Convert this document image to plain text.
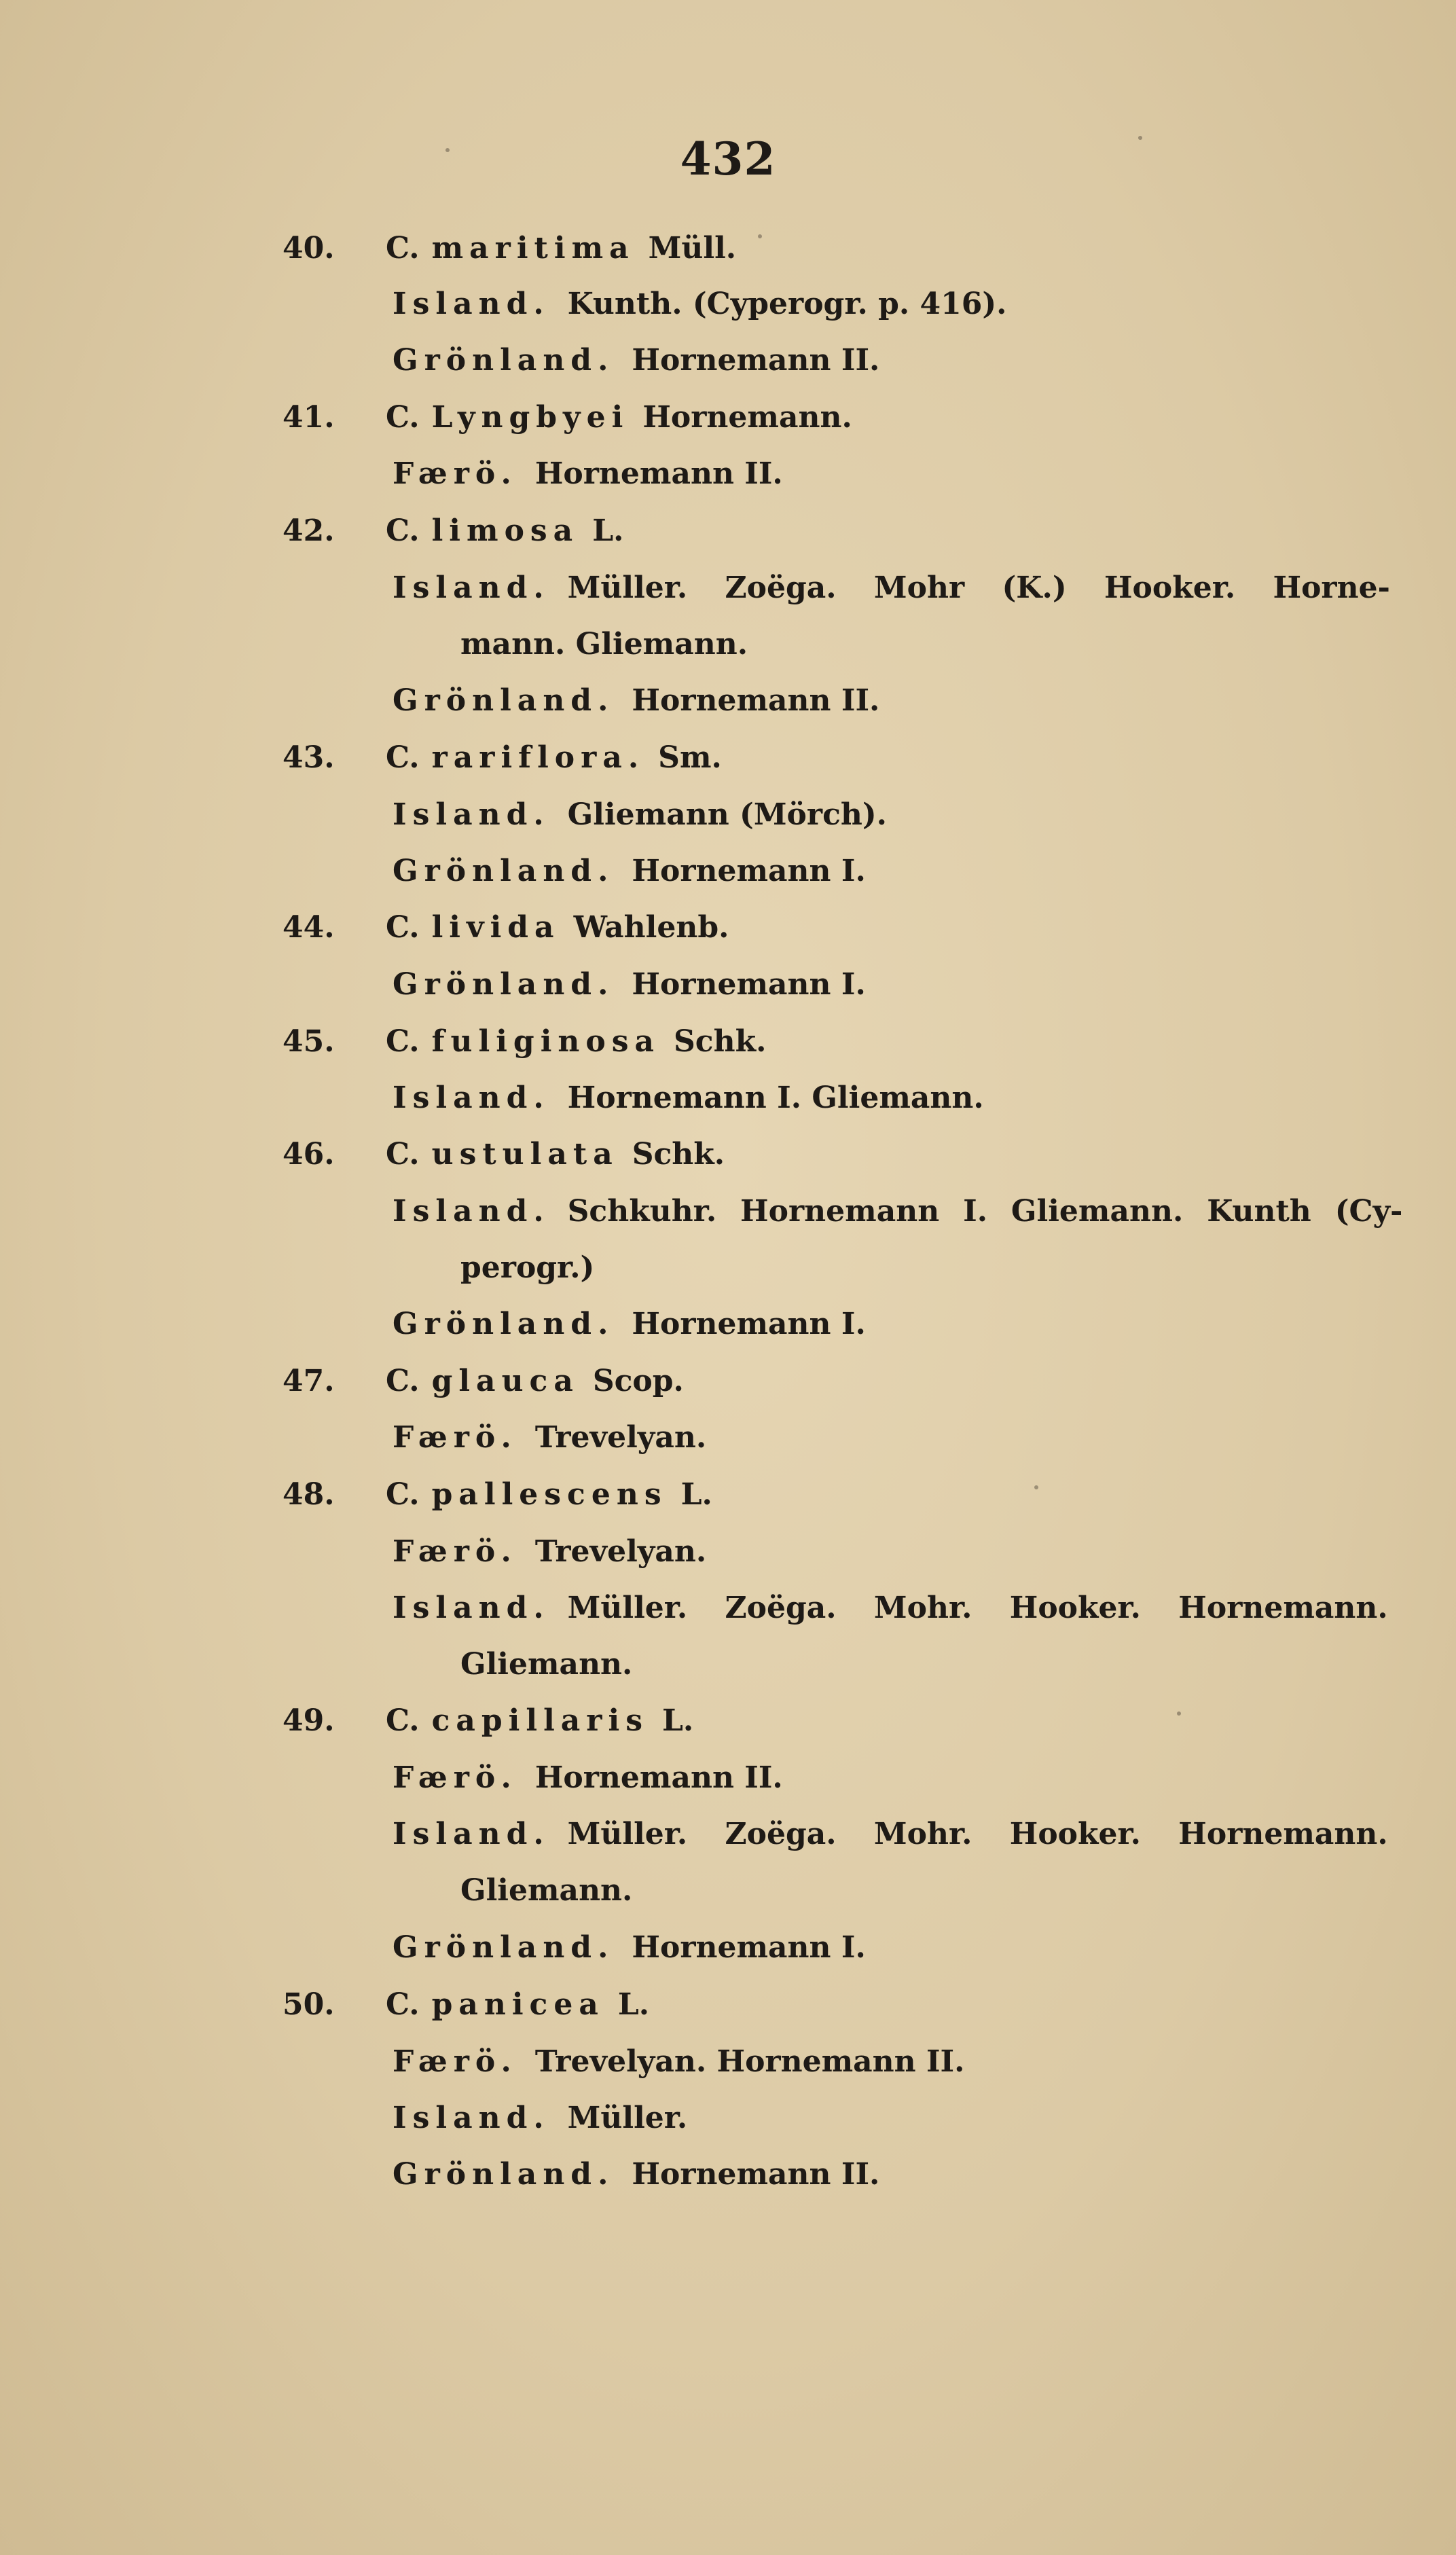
432
40. C. maritima Müll.
Island. Kunth. (Cyperogr. p. 416).
Grönland. Hornemann II.
41. C. Lyngbyei Hornemann.
Færö. Hornemann II.
42. C. limosa L.
Island. Müller. Zoëga. Mohr (K.) Hooker. Horne-
mann. Gliemann.
Grönland. Hornemann II.
43. C. rariflora. Sm.
Island. Gliemann (Mörch).
Grönland. Hornemann I.
44. C. livida Wahlenb.
Grönland. Hornemann I.
45. C. fuliginosa Schk.
Island. Hornemann I. Gliemann.
46. C. ustulata Schk.
Island. Schkuhr. Hornemann I. Gliemann. Kunth (Cy-
perogr.)
Grönland. Hornemann I.
47. C. glauca Scop.
Færö. Trevelyan.
48. C. pallescens L.
Færö. Trevelyan.
Island. Müller. Zoëga. Mohr. Hooker. Hornemann.
Gliemann.
49. C. capillaris L.
Færö. Hornemann II.
Island. Müller. Zoëga. Mohr. Hooker. Hornemann.
Gliemann.
Grönland. Hornemann I.
50. C. panicea L.
Færö. Trevelyan. Hornemann II.
Island. Müller.
Grönland. Hornemann II.
